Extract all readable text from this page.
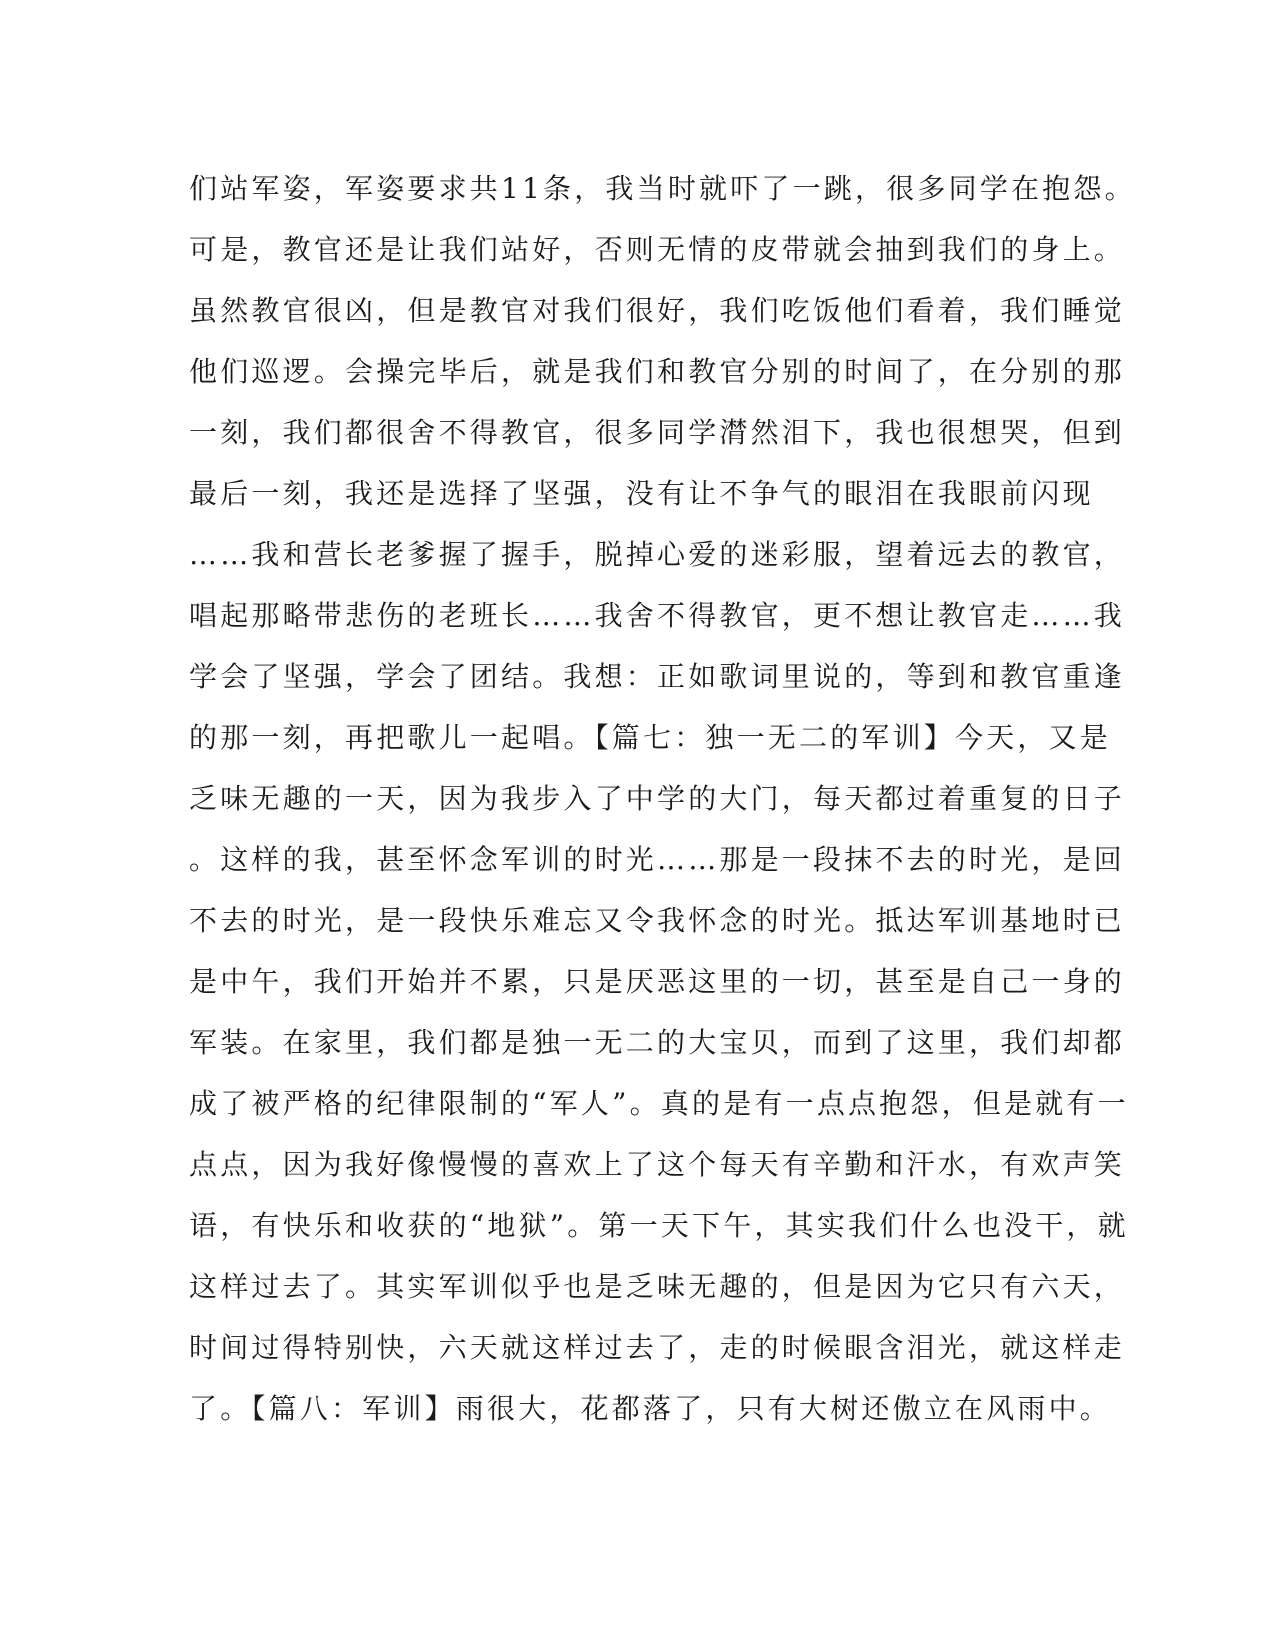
们站军姿，军姿要求共11条，我当时就吓了一跳，很多同学在抱怨。
可是，教官还是让我们站好，否则无情的皮带就会抽到我们的身上。
虽然教官很凶，但是教官对我们很好，我们吃饭他们看着，我们睡觉
他们巡逻。会操完毕后，就是我们和教官分别的时间了，在分别的那
一刻，我们都很舍不得教官，很多同学潸然泪下，我也很想哭，但到
最后一刻，我还是选择了坚强，没有让不争气的眼泪在我眼前闪现
……我和营长老爹握了握手，脱掉心爱的迷彩服，望着远去的教官，
唱起那略带悲伤的老班长……我舍不得教官，更不想让教官走……我
学会了坚强，学会了团结。我想：正如歌词里说的，等到和教官重逢
的那一刻，再把歌儿一起唱。【篇七：独一无二的军训】今天，又是
乏味无趣的一天，因为我步入了中学的大门，每天都过着重复的日子
。这样的我，甚至怀念军训的时光……那是一段抹不去的时光，是回
不去的时光，是一段快乐难忘又令我怀念的时光。抵达军训基地时已
是中午，我们开始并不累，只是厌恶这里的一切，甚至是自己一身的
军装。在家里，我们都是独一无二的大宝贝，而到了这里，我们却都
成了被严格的纪律限制的“军人”。真的是有一点点抱怨，但是就有一
点点，因为我好像慢慢的喜欢上了这个每天有辛勤和汗水，有欢声笑
语，有快乐和收获的“地狱”。第一天下午，其实我们什么也没干，就
这样过去了。其实军训似乎也是乏味无趣的，但是因为它只有六天，
时间过得特别快，六天就这样过去了，走的时候眼含泪光，就这样走
了。【篇八：军训】雨很大，花都落了，只有大树还傲立在风雨中。
